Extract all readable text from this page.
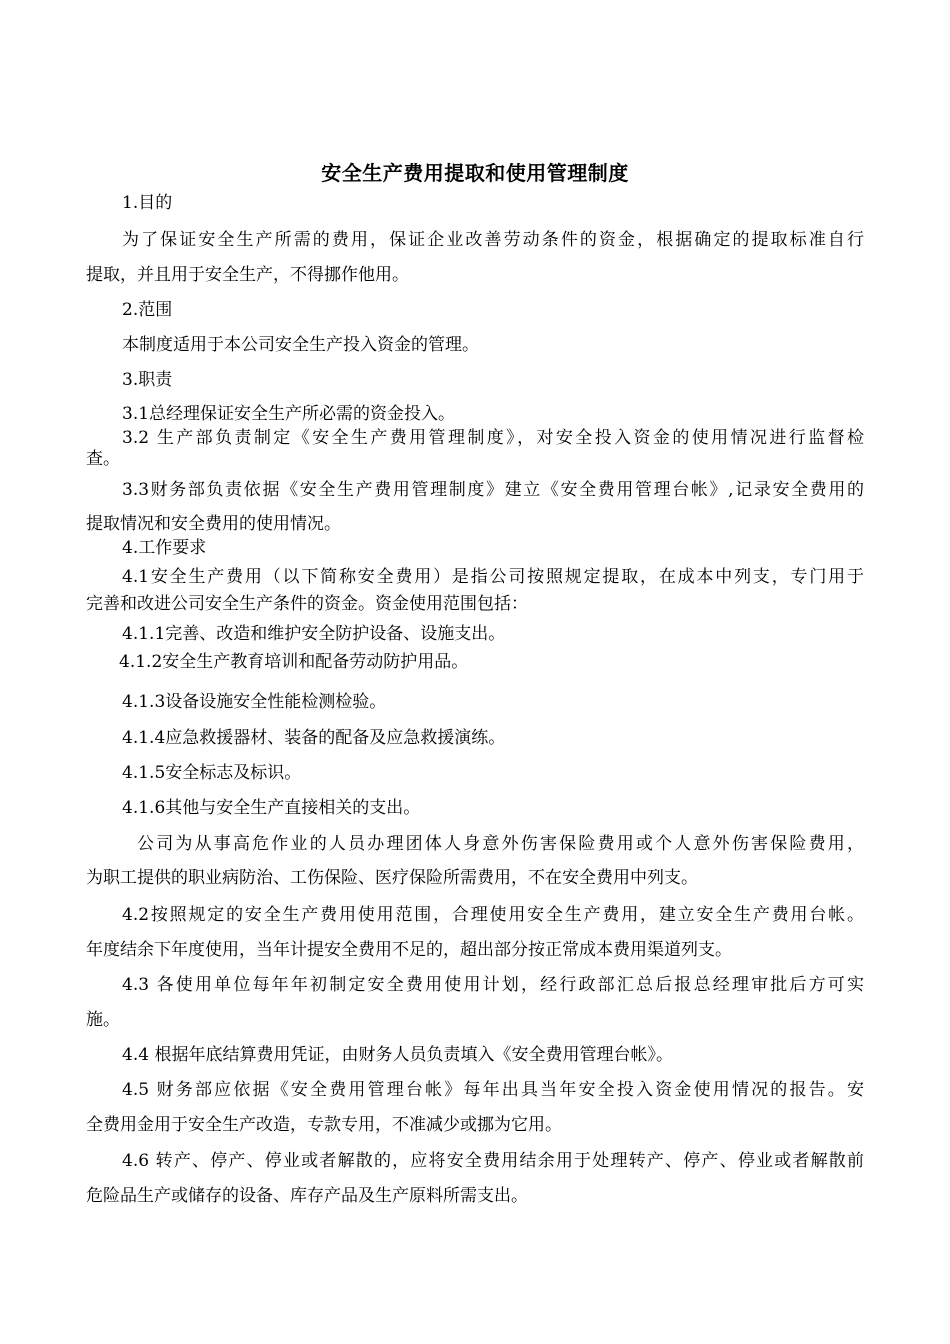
安全生产费用提取和使用管理制度
1.目的
为了保证安全生产所需的费用，保证企业改善劳动条件的资金，根据确定的提取标准自行
提取，并且用于安全生产，不得挪作他用。
2.范围
本制度适用于本公司安全生产投入资金的管理。
3.职责
3.1总经理保证安全生产所必需的资金投入。
3.2 生产部负责制定《安全生产费用管理制度》，对安全投入资金的使用情况进行监督检
查。
3.3财务部负责依据《安全生产费用管理制度》建立《安全费用管理台帐》,记录安全费用的
提取情况和安全费用的使用情况。
4.工作要求
4.1安全生产费用（以下简称安全费用）是指公司按照规定提取，在成本中列支，专门用于
完善和改进公司安全生产条件的资金。资金使用范围包括：
4.1.1完善、改造和维护安全防护设备、设施支出。
4.1.2安全生产教育培训和配备劳动防护用品。
4.1.3设备设施安全性能检测检验。
4.1.4应急救援器材、装备的配备及应急救援演练。
4.1.5安全标志及标识。
4.1.6其他与安全生产直接相关的支出。
公司为从事高危作业的人员办理团体人身意外伤害保险费用或个人意外伤害保险费用，
为职工提供的职业病防治、工伤保险、医疗保险所需费用，不在安全费用中列支。
4.2按照规定的安全生产费用使用范围，合理使用安全生产费用，建立安全生产费用台帐。
年度结余下年度使用，当年计提安全费用不足的，超出部分按正常成本费用渠道列支。
4.3 各使用单位每年年初制定安全费用使用计划，经行政部汇总后报总经理审批后方可实
施。
4.4 根据年底结算费用凭证，由财务人员负责填入《安全费用管理台帐》。
4.5 财务部应依据《安全费用管理台帐》每年出具当年安全投入资金使用情况的报告。安
全费用金用于安全生产改造，专款专用，不准减少或挪为它用。
4.6 转产、停产、停业或者解散的，应将安全费用结余用于处理转产、停产、停业或者解散前
危险品生产或储存的设备、库存产品及生产原料所需支出。
